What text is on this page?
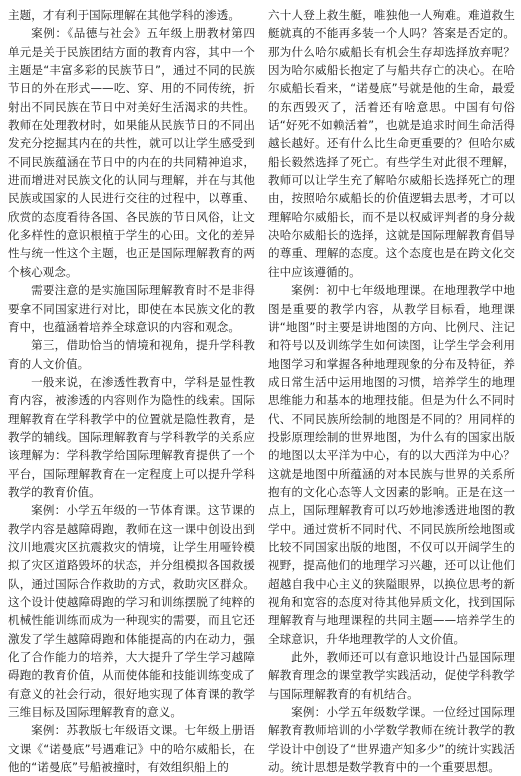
主题，才有利于国际理解在其他学科的渗透。

案例：《品德与社会》五年级上册教材第四单元是关于民族团结方面的教育内容，其中一个主题是“丰富多彩的民族节日”，通过不同的民族节日的外在形式——吃、穿、用的不同传统，折射出不同民族在节日中对美好生活渴求的共性。教师在处理教材时，如果能从民族节日的不同出发充分挖掘其内在的共性，就可以让学生感受到不同民族蕴涵在节日中的内在的共同精神追求，进而增进对民族文化的认同与理解，并在与其他民族或国家的人民进行交往的过程中，以尊重、欣赏的态度看待各国、各民族的节日风俗，让文化多样性的意识根植于学生的心田。文化的差异性与统一性这个主题，也正是国际理解教育的两个核心观念。

需要注意的是实施国际理解教育时不是非得要拿不同国家进行对比，即使在本民族文化的教育中，也蕴涵着培养全球意识的内容和观念。

第三，借助恰当的情境和视角，提升学科教育的人文价值。

一般来说，在渗透性教育中，学科是显性教育内容，被渗透的内容则作为隐性的线索。国际理解教育在学科教学中的位置就是隐性教育，是教学的辅线。国际理解教育与学科教学的关系应该理解为：学科教学给国际理解教育提供了一个平台，国际理解教育在一定程度上可以提升学科教学的教育价值。

案例：小学五年级的一节体育课。这节课的教学内容是越障碍跑，教师在这一课中创设出到汶川地震灾区抗震救灾的情境，让学生用哑铃模拟了灾区道路毁坏的状态，并分组模拟各国救援队，通过国际合作救助的方式，救助灾区群众。这个设计使越障碍跑的学习和训练摆脱了纯粹的机械性能训练而成为一种现实的需要，而且它还激发了学生越障碍跑和体能提高的内在动力，强化了合作能力的培养，大大提升了学生学习越障碍跑的教育价值，从而使体能和技能训练变成了有意义的社会行动，很好地实现了体育课的教学三维目标及国际理解教育的意义。

案例：苏教版七年级语文课。七年级上册语文课《“诺曼底”号遇难记》中的哈尔威船长，在他的“诺曼底”号船被撞时，有效组织船上的

六十人登上救生艇，唯独他一人殉难。难道救生艇就真的不能再多装一个人吗？答案是否定的。那为什么哈尔威船长有机会生存却选择放弃呢？因为哈尔威船长抱定了与船共存亡的决心。在哈尔威船长看来，“诺曼底”号就是他的生命，最爱的东西毁灭了，活着还有啥意思。中国有句俗话“好死不如赖活着”，也就是追求时间生命活得越长越好。还有什么比生命更重要的？但哈尔威船长毅然选择了死亡。有些学生对此很不理解，教师可以让学生充了解哈尔威船长选择死亡的理由，按照哈尔威船长的价值逻辑去思考，才可以理解哈尔威船长，而不是以权威评判者的身分裁决哈尔威船长的选择，这就是国际理解教育倡导的尊重、理解的态度。这个态度也是在跨文化交往中应该遵循的。

案例：初中七年级地理课。在地理教学中地图是重要的教学内容，从教学目标看，地理课讲“地图”时主要是讲地图的方向、比例尺、注记和符号以及训练学生如何读图，让学生学会利用地图学习和掌握各种地理现象的分布及特征，养成日常生活中运用地图的习惯，培养学生的地理思维能力和基本的地理技能。但是为什么不同时代、不同民族所绘制的地图是不同的？用同样的投影原理绘制的世界地图，为什么有的国家出版的地图以太平洋为中心，有的以大西洋为中心？这就是地图中所蕴涵的对本民族与世界的关系所抱有的文化心态等人文因素的影响。正是在这一点上，国际理解教育可以巧妙地渗透进地图的教学中。通过赏析不同时代、不同民族所绘地图或比较不同国家出版的地图，不仅可以开阔学生的视野，提高他们的地理学习兴趣，还可以让他们超越自我中心主义的狭隘眼界，以换位思考的新视角和宽容的态度对待其他异质文化，找到国际理解教育与地理课程的共同主题——培养学生的全球意识，升华地理教学的人文价值。

此外，教师还可以有意识地设计凸显国际理解教育理念的课堂教学实践活动，促使学科教学与国际理解教育的有机结合。

案例：小学五年级数学课。一位经过国际理解教育教师培训的小学数学教师在统计教学的教学设计中创设了“世界遗产知多少”的统计实践活动。统计思想是数学教育中的一个重要思想。
